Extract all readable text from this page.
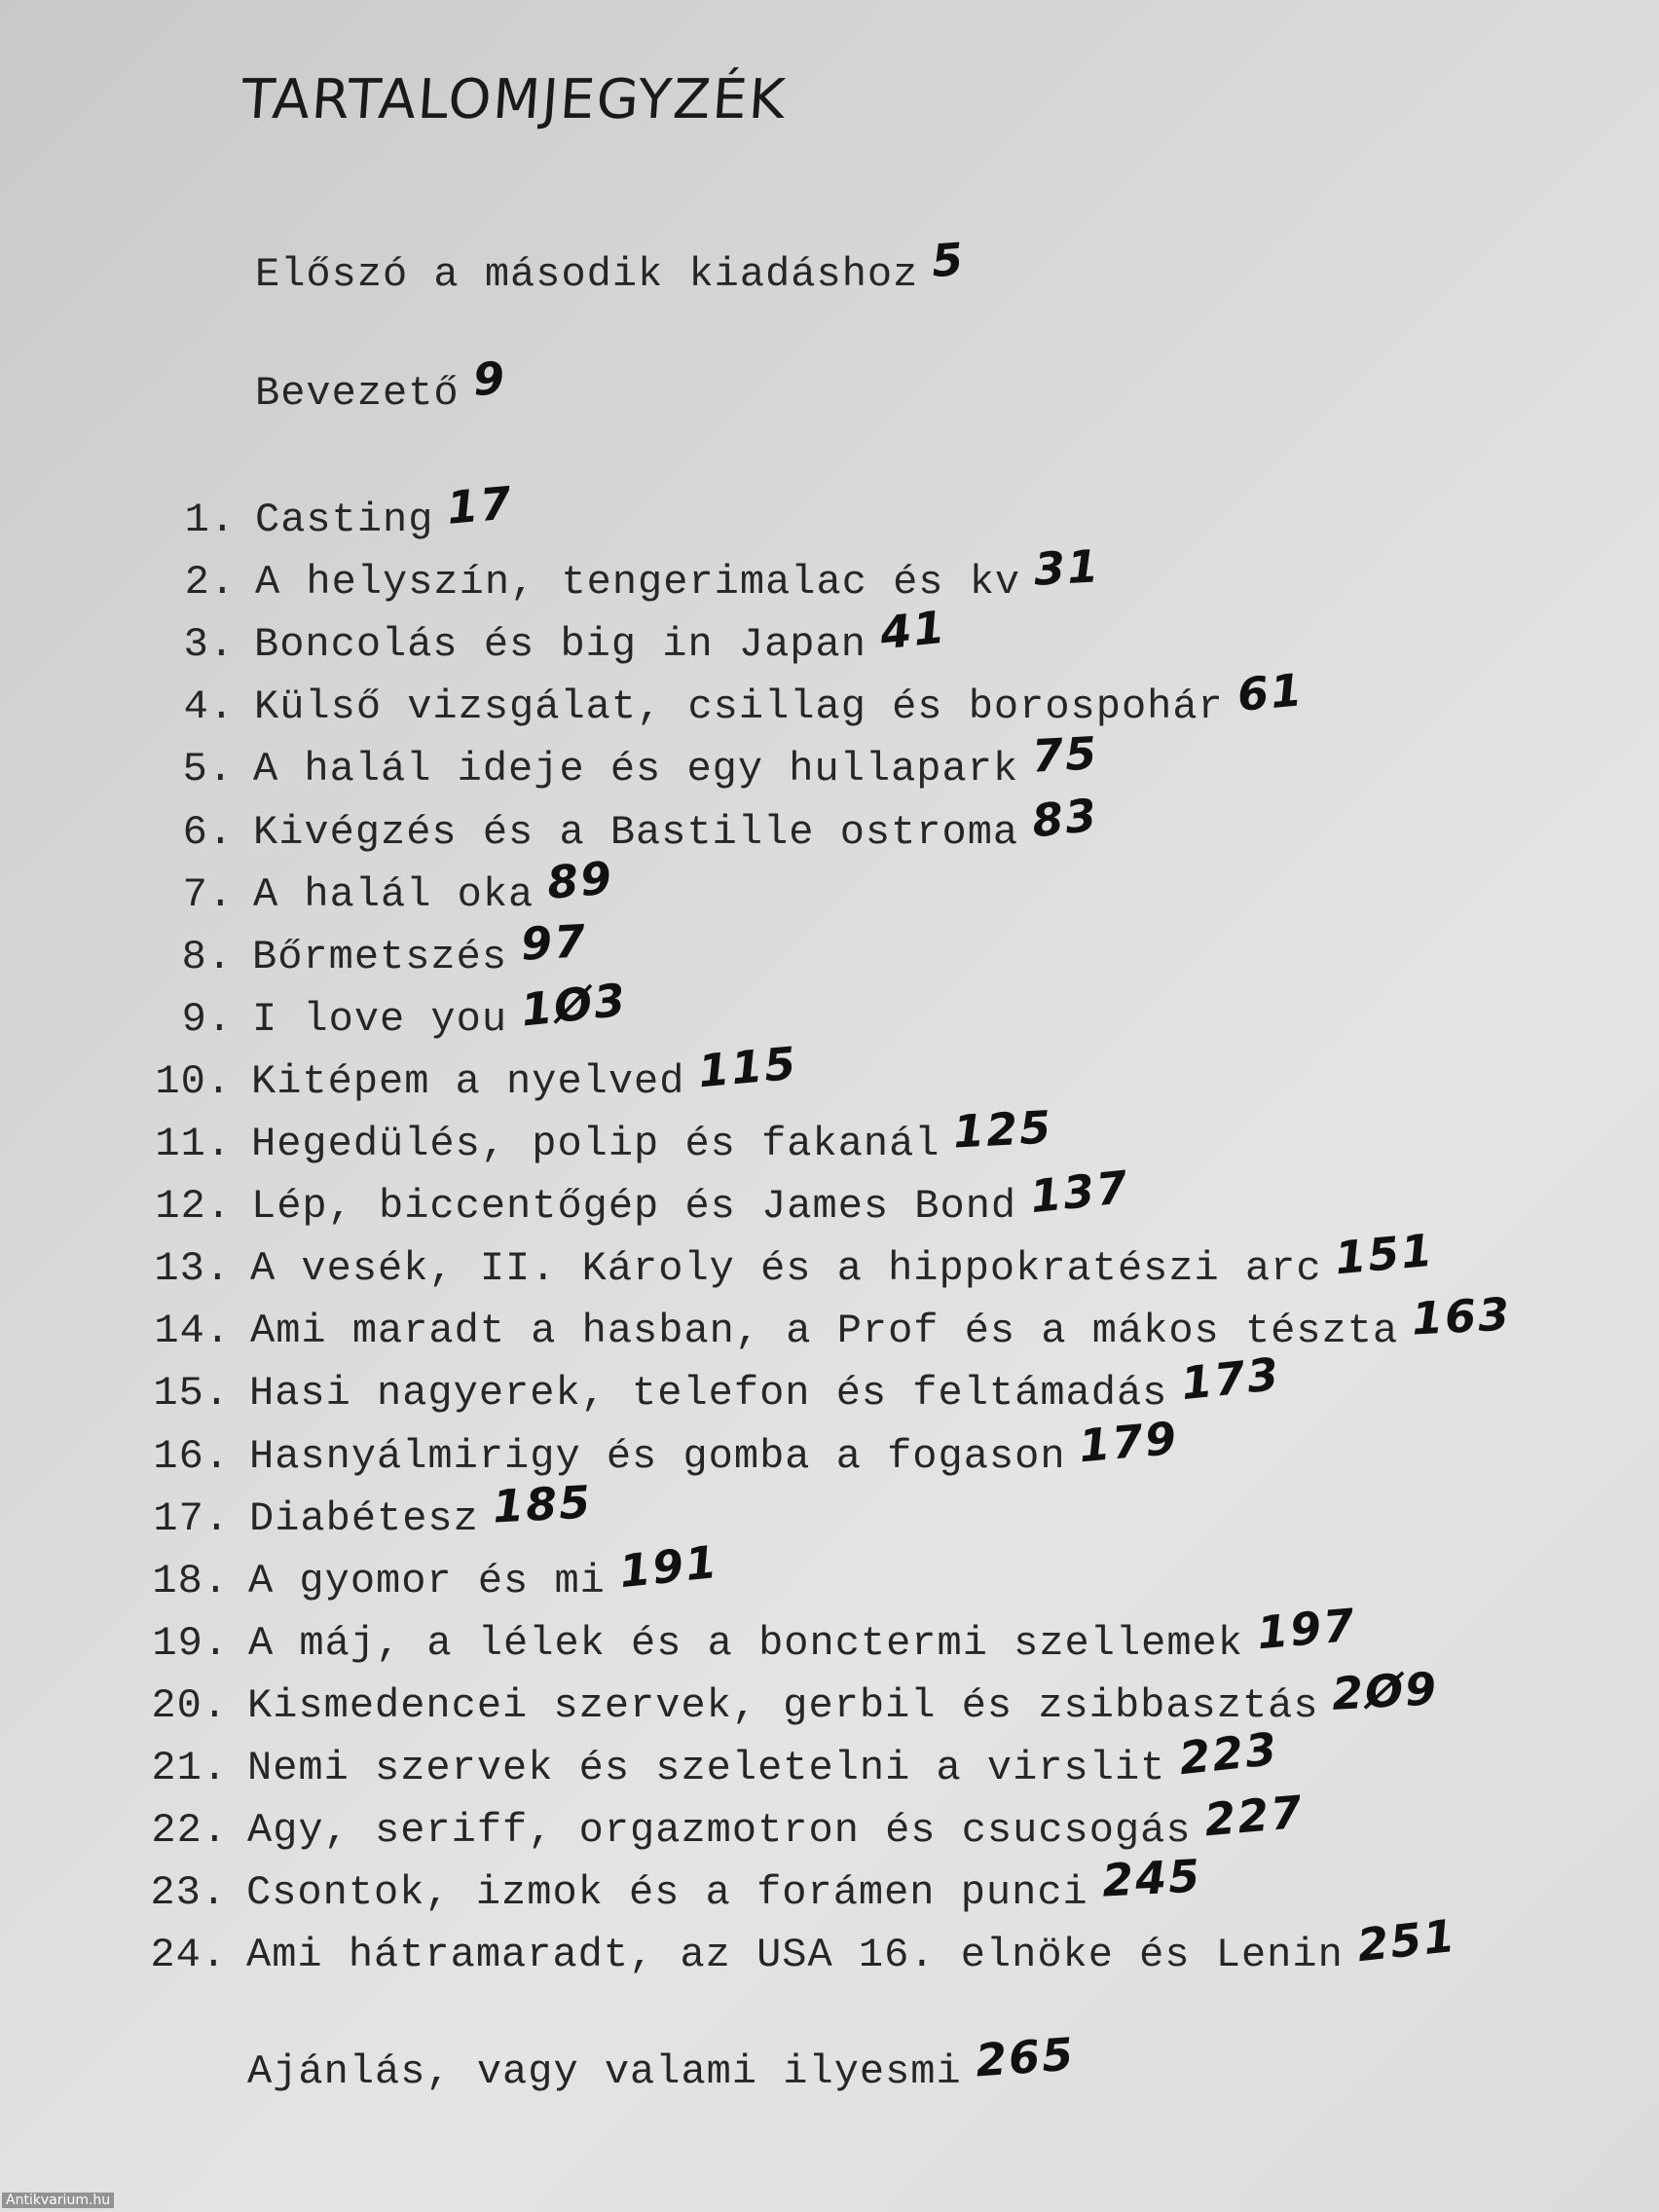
TARTALOMJEGYZÉK
Előszó a második kiadáshoz 5
Bevezető 9
1. Casting 17
2. A helyszín, tengerimalac és kv 31
3. Boncolás és big in Japan 41
4. Külső vizsgálat, csillag és borospohár 61
5. A halál ideje és egy hullapark 75
6. Kivégzés és a Bastille ostroma 83
7. A halál oka 89
8. Bőrmetszés 97
9. I love you 1Ø3
10. Kitépem a nyelved 115
11. Hegedülés, polip és fakanál 125
12. Lép, biccentőgép és James Bond 137
13. A vesék, II. Károly és a hippokratészi arc 151
14. Ami maradt a hasban, a Prof és a mákos tészta 163
15. Hasi nagyerek, telefon és feltámadás 173
16. Hasnyálmirigy és gomba a fogason 179
17. Diabétesz 185
18. A gyomor és mi 191
19. A máj, a lélek és a bonctermi szellemek 197
20. Kismedencei szervek, gerbil és zsibbasztás 2Ø9
21. Nemi szervek és szeletelni a virslit 223
22. Agy, seriff, orgazmotron és csucsogás 227
23. Csontok, izmok és a forámen punci 245
24. Ami hátramaradt, az USA 16. elnöke és Lenin 251
Ajánlás, vagy valami ilyesmi 265
Antikvarium.hu
